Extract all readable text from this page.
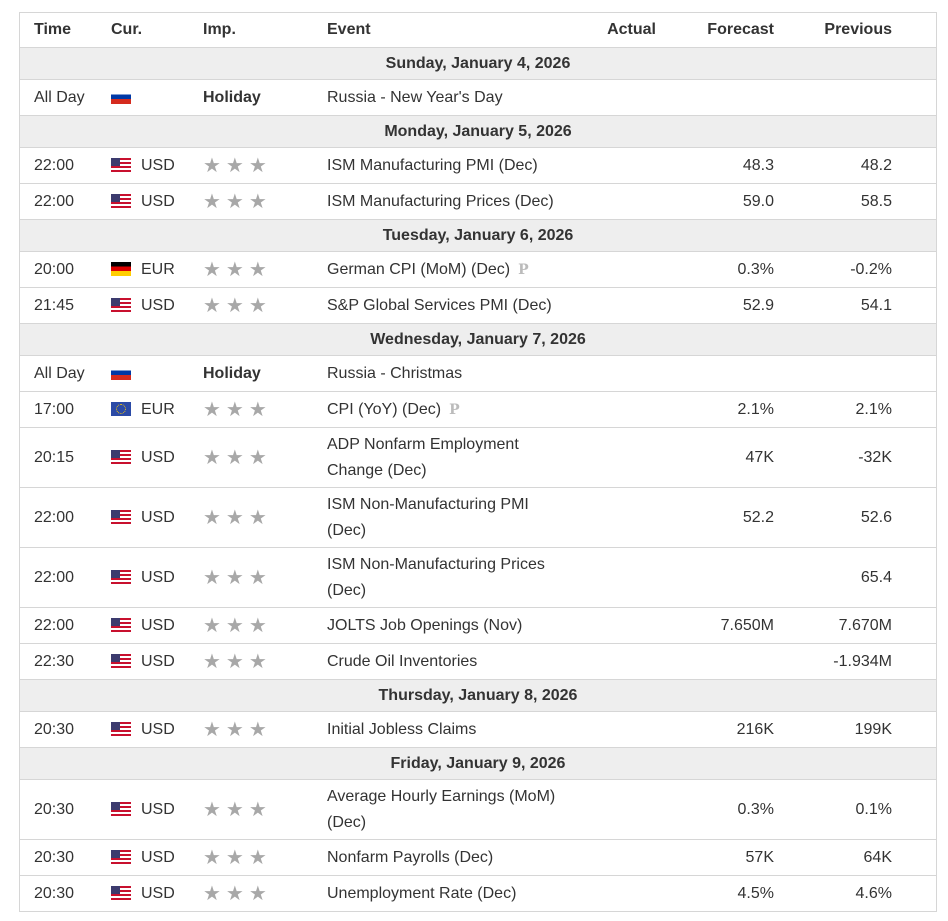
Time	Cur.	Imp.	Event	Actual	Forecast	Previous	
Sunday, January 4, 2026							
All Day		Holiday	Russia - New Year's Day				
Monday, January 5, 2026							
22:00	USD	★★★	ISM Manufacturing PMI (Dec)		48.3	48.2	
22:00	USD	★★★	ISM Manufacturing Prices (Dec)		59.0	58.5	
Tuesday, January 6, 2026							
20:00	EUR	★★★	German CPI (MoM) (Dec) P		0.3%	-0.2%	
21:45	USD	★★★	S&P Global Services PMI (Dec)		52.9	54.1	
Wednesday, January 7, 2026							
All Day		Holiday	Russia - Christmas				
17:00	EUR	★★★	CPI (YoY) (Dec) P		2.1%	2.1%	
20:15	USD	★★★	ADP Nonfarm Employment
Change (Dec)		47K	-32K	
22:00	USD	★★★	ISM Non-Manufacturing PMI
(Dec)		52.2	52.6	
22:00	USD	★★★	ISM Non-Manufacturing Prices
(Dec)			65.4	
22:00	USD	★★★	JOLTS Job Openings (Nov)		7.650M	7.670M	
22:30	USD	★★★	Crude Oil Inventories			-1.934M	
Thursday, January 8, 2026							
20:30	USD	★★★	Initial Jobless Claims		216K	199K	
Friday, January 9, 2026							
20:30	USD	★★★	Average Hourly Earnings (MoM)
(Dec)		0.3%	0.1%	
20:30	USD	★★★	Nonfarm Payrolls (Dec)		57K	64K	
20:30	USD	★★★	Unemployment Rate (Dec)		4.5%	4.6%	
